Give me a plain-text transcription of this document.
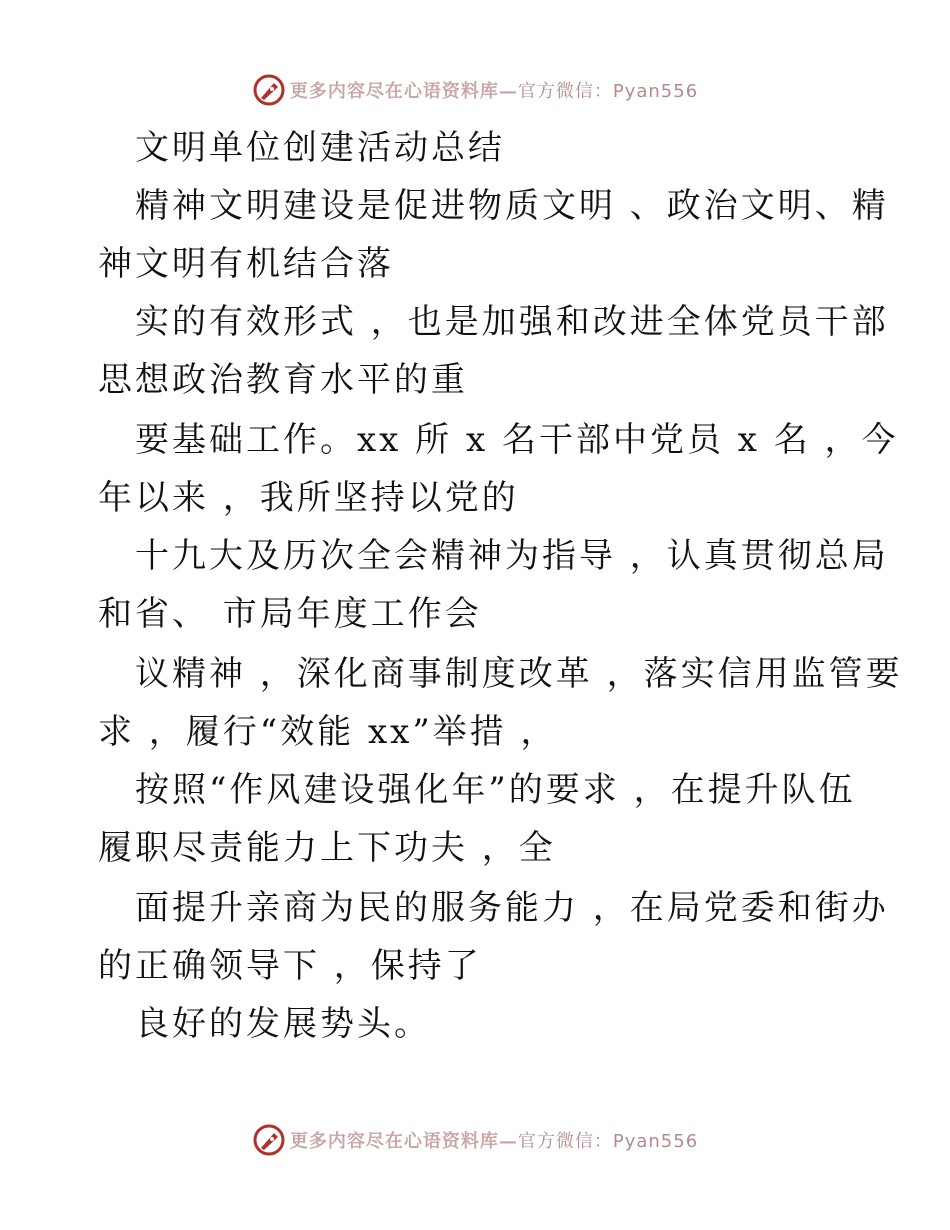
更多内容尽在心语资料库— 官方微信：Pyan556
文明单位创建活动总结
精神文明建设是促进物质文明 、政治文明、精
神文明有机结合落
实的有效形式 ，也是加强和改进全体党员干部
思想政治教育水平的重
要基础工作。xx 所 x 名干部中党员 x 名 ，今
年以来 ，我所坚持以党的
十九大及历次全会精神为指导 ，认真贯彻总局
和省、 市局年度工作会
议精神 ，深化商事制度改革 ，落实信用监管要
求 ，履行“效能 xx”举措 ，
按照“作风建设强化年”的要求 ，在提升队伍
履职尽责能力上下功夫 ，全
面提升亲商为民的服务能力 ，在局党委和街办
的正确领导下 ，保持了
良好的发展势头。
更多内容尽在心语资料库— 官方微信：Pyan556
